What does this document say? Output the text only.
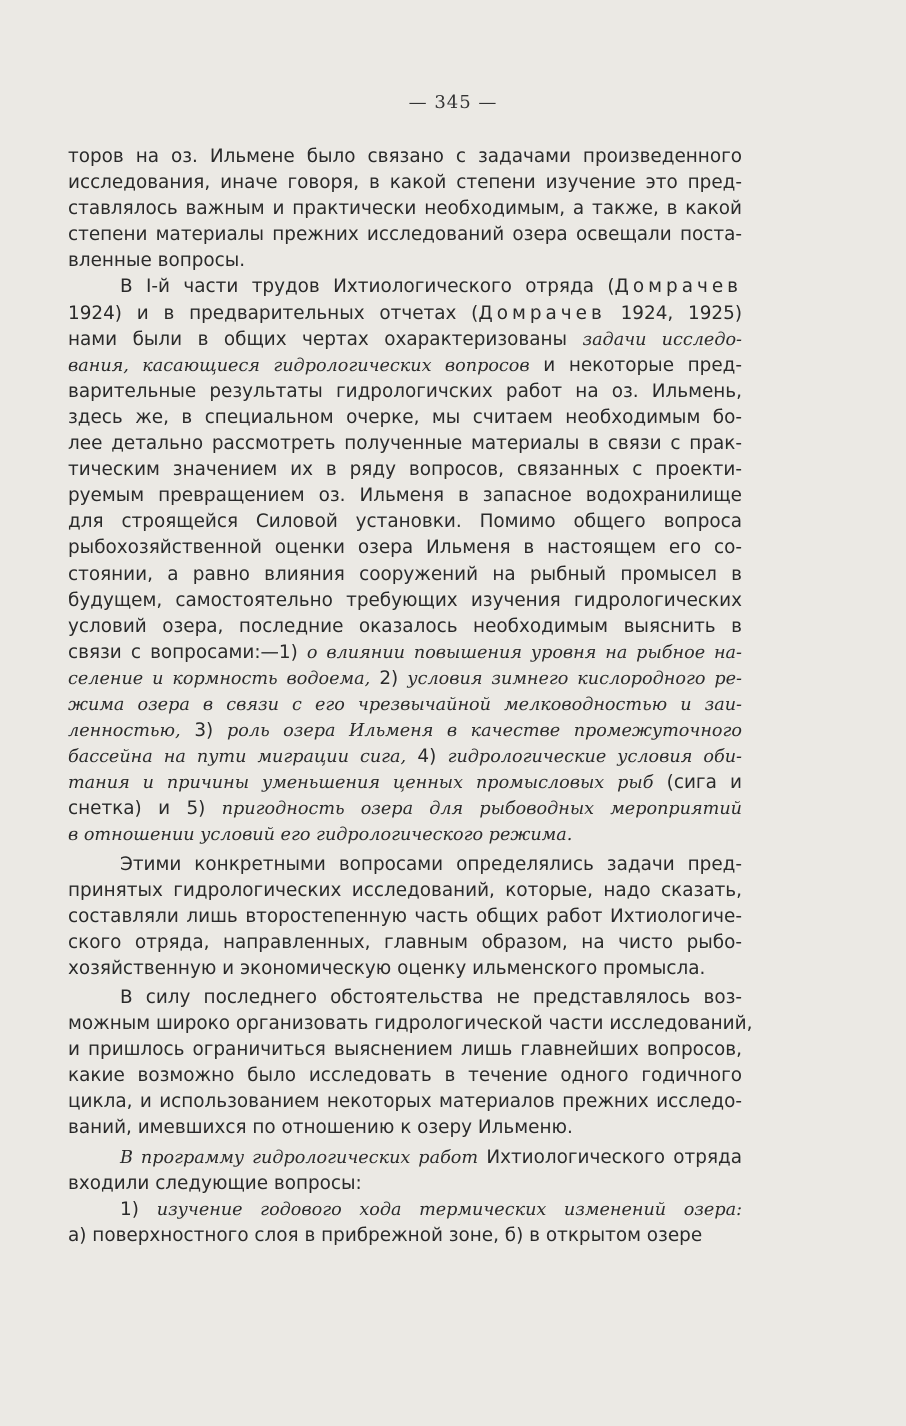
— 345 —
торов на оз. Ильмене было связано с задачами произведенного
исследования, иначе говоря, в какой степени изучение это пред-
ставлялось важным и практически необходимым, а также, в какой
степени материалы прежних исследований озера освещали поста-
вленные вопросы.
В I-й части трудов Ихтиологического отряда (Домрачев
1924) и в предварительных отчетах (Домрачев 1924, 1925)
нами были в общих чертах охарактеризованы задачи исследо-
вания, касающиеся гидрологических вопросов и некоторые пред-
варительные результаты гидрологичских работ на оз. Ильмень,
здесь же, в специальном очерке, мы считаем необходимым бо-
лее детально рассмотреть полученные материалы в связи с прак-
тическим значением их в ряду вопросов, связанных с проекти-
руемым превращением оз. Ильменя в запасное водохранилище
для строящейся Силовой установки. Помимо общего вопроса
рыбохозяйственной оценки озера Ильменя в настоящем его со-
стоянии, а равно влияния сооружений на рыбный промысел в
будущем, самостоятельно требующих изучения гидрологических
условий озера, последние оказалось необходимым выяснить в
связи с вопросами:—1) о влиянии повышения уровня на рыбное на-
селение и кормность водоема, 2) условия зимнего кислородного ре-
жима озера в связи с его чрезвычайной мелководностью и заи-
ленностью, 3) роль озера Ильменя в качестве промежуточного
бассейна на пути миграции сига, 4) гидрологические условия оби-
тания и причины уменьшения ценных промысловых рыб (сига и
снетка) и 5) пригодность озера для рыбоводных мероприятий
в отношении условий его гидрологического режима.
Этими конкретными вопросами определялись задачи пред-
принятых гидрологических исследований, которые, надо сказать,
составляли лишь второстепенную часть общих работ Ихтиологиче-
ского отряда, направленных, главным образом, на чисто рыбо-
хозяйственную и экономическую оценку ильменского промысла.
В силу последнего обстоятельства не представлялось воз-
можным широко организовать гидрологической части исследований,
и пришлось ограничиться выяснением лишь главнейших вопросов,
какие возможно было исследовать в течение одного годичного
цикла, и использованием некоторых материалов прежних исследо-
ваний, имевшихся по отношению к озеру Ильменю.
В программу гидрологических работ Ихтиологического отряда
входили следующие вопросы:
1) изучение годового хода термических изменений озера:
а) поверхностного слоя в прибрежной зоне, б) в открытом озере
